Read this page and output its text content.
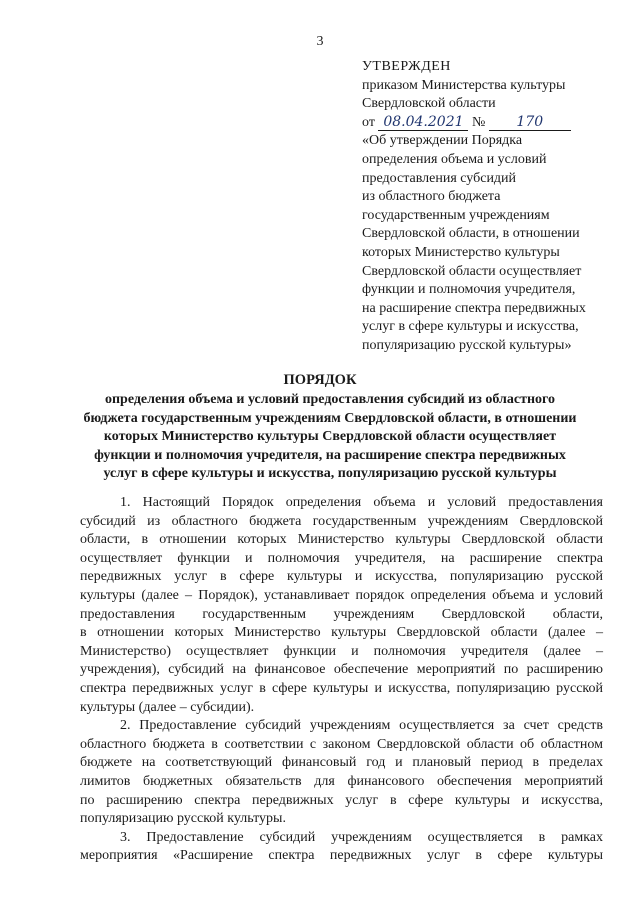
3
УТВЕРЖДЕН
приказом Министерства культуры
Свердловской области
от 08.04.2021 № 170
«Об утверждении Порядка
определения объема и условий
предоставления субсидий
из областного бюджета
государственным учреждениям
Свердловской области, в отношении
которых Министерство культуры
Свердловской области осуществляет
функции и полномочия учредителя,
на расширение спектра передвижных
услуг в сфере культуры и искусства,
популяризацию русской культуры»
ПОРЯДОК
определения объема и условий предоставления субсидий из областного
бюджета государственным учреждениям Свердловской области, в отношении
которых Министерство культуры Свердловской области осуществляет
функции и полномочия учредителя, на расширение спектра передвижных
услуг в сфере культуры и искусства, популяризацию русской культуры
1. Настоящий Порядок определения объема и условий предоставления
субсидий из областного бюджета государственным учреждениям Свердловской
области, в отношении которых Министерство культуры Свердловской области
осуществляет функции и полномочия учредителя, на расширение спектра
передвижных услуг в сфере культуры и искусства, популяризацию русской
культуры (далее – Порядок), устанавливает порядок определения объема и условий
предоставления государственным учреждениям Свердловской области,
в отношении которых Министерство культуры Свердловской области (далее –
Министерство) осуществляет функции и полномочия учредителя (далее –
учреждения), субсидий на финансовое обеспечение мероприятий по расширению
спектра передвижных услуг в сфере культуры и искусства, популяризацию русской
культуры (далее – субсидии).
2. Предоставление субсидий учреждениям осуществляется за счет средств
областного бюджета в соответствии с законом Свердловской области об областном
бюджете на соответствующий финансовый год и плановый период в пределах
лимитов бюджетных обязательств для финансового обеспечения мероприятий
по расширению спектра передвижных услуг в сфере культуры и искусства,
популяризацию русской культуры.
3. Предоставление субсидий учреждениям осуществляется в рамках
мероприятия «Расширение спектра передвижных услуг в сфере культуры
